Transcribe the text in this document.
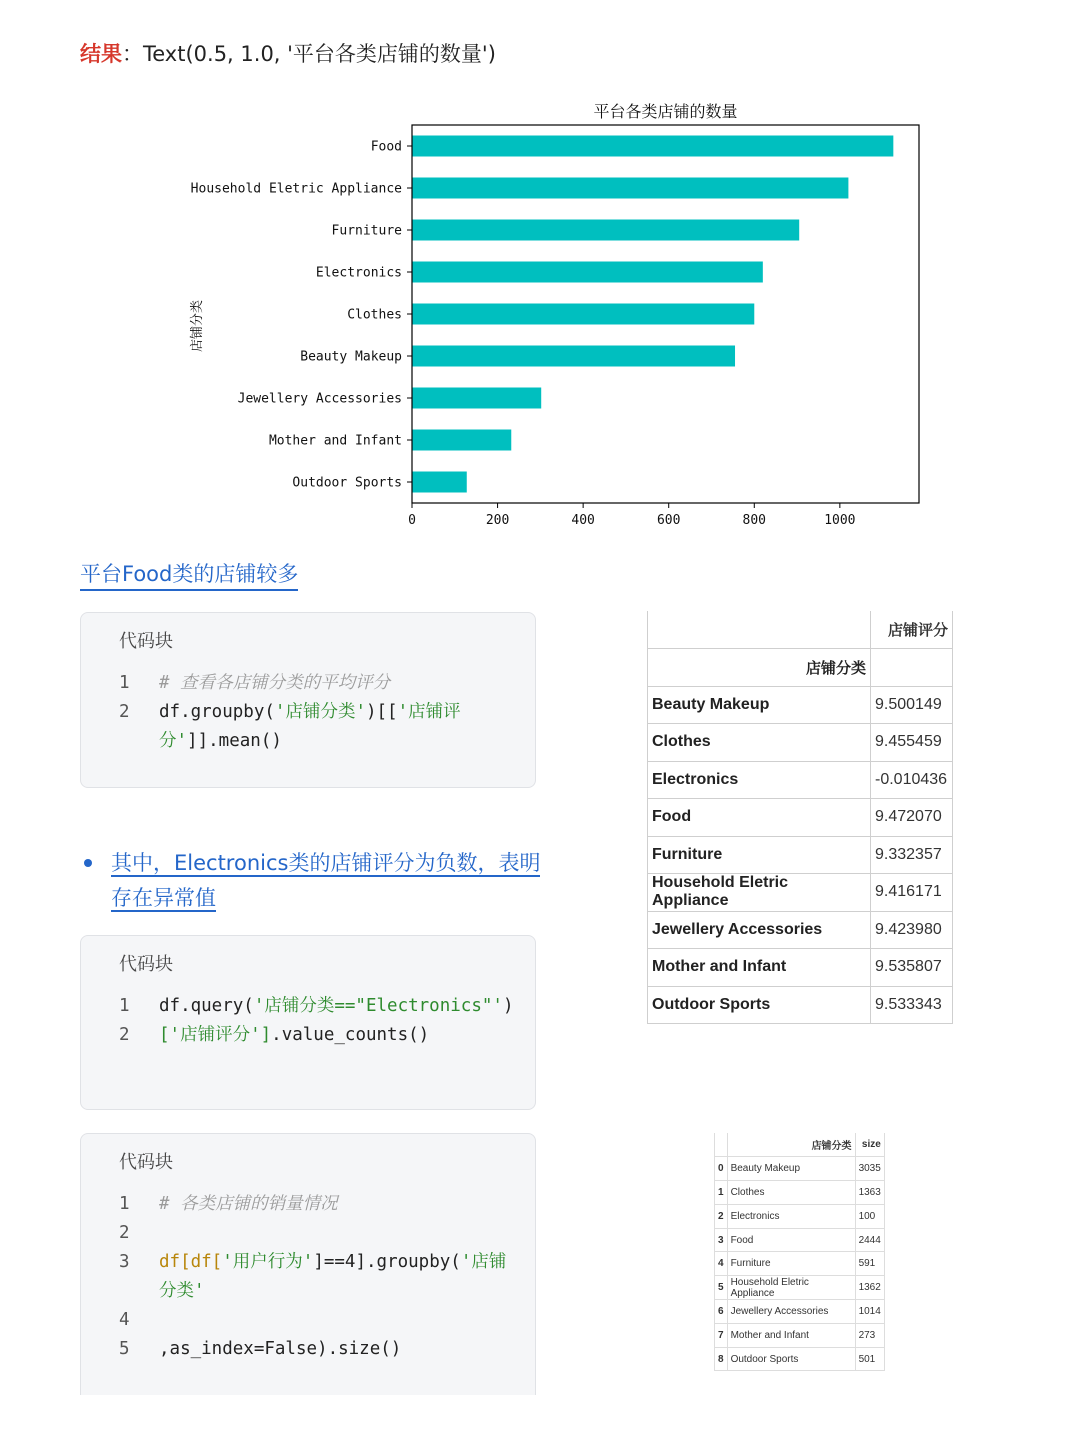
结果：Text(0.5, 1.0, '平台各类店铺的数量')
Food
Household Eletric Appliance
Furniture
Electronics
Clothes
Beauty Makeup
Jewellery Accessories
Mother and Infant
Outdoor Sports
0	200	400	600	800	1000
平台各类店铺的数量
店铺分类
平台Food类的店铺较多
代码块
1	# 查看各店铺分类的平均评分
2	df.groupby('店铺分类')[['店铺评分']].mean()
其中，Electronics类的店铺评分为负数，表明存在异常值
代码块
1	df.query('店铺分类=="Electronics"')
2	['店铺评分'].value_counts()
代码块
1	# 各类店铺的销量情况
2
3	df[df['用户行为']==4].groupby('店铺分类'
4
5	,as_index=False).size()
	店铺评分
店铺分类	
Beauty Makeup	9.500149
Clothes	9.455459
Electronics	-0.010436
Food	9.472070
Furniture	9.332357
Household Eletric Appliance	9.416171
Jewellery Accessories	9.423980
Mother and Infant	9.535807
Outdoor Sports	9.533343
	店铺分类	size
0	Beauty Makeup	3035
1	Clothes	1363
2	Electronics	100
3	Food	2444
4	Furniture	591
5	Household Eletric Appliance	1362
6	Jewellery Accessories	1014
7	Mother and Infant	273
8	Outdoor Sports	501
